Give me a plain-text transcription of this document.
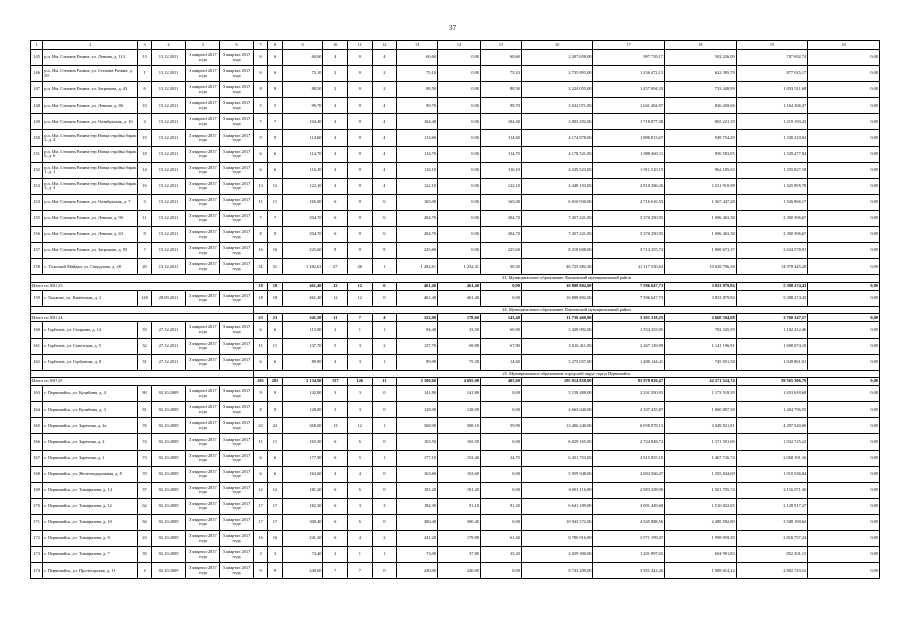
37
1	2	3	4	5	6	7	8	9	10	11	12	13	14	15	16	17	18	19	20
145	р.п. Им. Степана Разина, ул. Ленина, д. 113	13	15.12.2011	3 квартал 2017 года	3 квартал 2017 года	6	6	60,60	4	0	4	60,60	0,00	60,60	2 207 658,00	997 739,17	502 226,09	707 692,74	0,00
146	р.п. Им. Степана Разина, ул. Степана Разина, д. 50	1	15.12.2011	3 квартал 2017 года	3 квартал 2017 года	6	6	75,10	2	0	2	75,10	0,00	75,10	2 735 893,00	1 236 472,13	622 395,70	877 025,17	0,00
147	р.п. Им. Степана Разина, ул. Загрекова, д. 43	6	15.12.2011	3 квартал 2017 года	3 квартал 2017 года	8	8	88,50	2	0	2	88,50	0,00	88,50	3 224 055,00	1 457 094,33	733 448,99	1 033 511,68	0,00
148	р.п. Им. Степана Разина, ул. Ленина, д. 86	10	15.12.2011	3 квартал 2017 года	3 квартал 2017 года	5	5	99,70	4	0	4	99,70	0,00	99,70	3 632 071,00	1 641 494,97	826 269,66	1 164 306,37	0,00
149	р.п. Им. Степана Разина, ул. Октябрьская, д. 16	4	15.12.2011	3 квартал 2017 года	3 квартал 2017 года	7	7	104,40	4	0	4	104,40	0,00	104,40	3 803 292,00	1 718 877,38	865 221,19	1 219 193,43	0,00
150	р.п. Им. Степана Разина тер Новая стройка барак 2, д. 2	15	15.12.2011	3 квартал 2017 года	3 квартал 2017 года	9	9	114,60	4	0	4	114,60	0,00	114,60	4 174 878,00	1 886 813,67	949 754,29	1 338 310,04	0,00
151	р.п. Им. Степана Разина тер Новая стройка барак 6, д. 6	18	15.12.2011	3 квартал 2017 года	3 квартал 2017 года	6	6	114,70	4	0	4	114,70	0,00	114,70	4 178 521,00	1 888 460,11	950 583,05	1 339 477,84	0,00
152	р.п. Им. Степана Разина тер Новая стройка барак 1, д. 1	14	15.12.2011	3 квартал 2017 года	3 квартал 2017 года	6	6	116,10	4	0	4	116,10	0,00	116,10	4 229 523,00	1 911 510,19	962 185,63	1 355 827,18	0,00
153	р.п. Им. Степана Разина тер Новая стройка барак 3, д. 3	16	15.12.2011	3 квартал 2017 года	3 квартал 2017 года	13	13	122,10	4	0	4	122,10	0,00	122,10	4 448 103,00	2 010 296,26	1 011 910,98	1 425 895,78	0,00
154	р.п. Им. Степана Разина, ул. Октябрьская, д. 7	3	15.12.2011	3 квартал 2017 года	3 квартал 2017 года	11	11	165,00	6	0	6	165,00	0,00	165,00	6 010 930,00	2 716 616,55	1 367 447,28	1 926 866,17	0,00
155	р.п. Им. Степана Разина, ул. Ленина, д. 96	11	15.12.2011	3 квартал 2017 года	3 квартал 2017 года	7	7	204,70	6	0	6	204,70	0,00	204,70	7 457 221,00	3 370 250,95	1 696 463,38	2 390 506,67	0,00
156	р.п. Им. Степана Разина, ул. Ленина, д. 63	8	15.12.2011	3 квартал 2017 года	3 квартал 2017 года	8	8	204,70	6	0	6	204,70	0,00	204,70	7 457 221,00	3 370 250,95	1 696 463,38	2 390 506,67	0,00
157	р.п. Им. Степана Разина, ул. Загрекова, д. 95	7	15.12.2011	3 квартал 2017 года	3 квартал 2017 года	16	16	225,60	8	0	8	225,60	0,00	225,60	8 218 608,00	3 714 355,72	1 869 673,37	2 634 578,91	0,00
158	с. Тольский Майдан, ул. Свердлова, д. 28	20	15.12.2011	3 квартал 2017 года	3 квартал 2017 года	51	51	1 282,61	27	26	1	1 282,61	1 232,31	50,30	46 725 482,30	21 117 330,64	10 629 706,38	14 978 445,28	0,00
						23. Муниципальное образование Лысковский муниципальный район													
Итого по МО 23						18	18	461,40	12	12	0	461,40	461,40	0,00	16 808 802,00	7 596 647,73	3 823 879,84	5 388 274,43	0,00
159	г. Лысково, ул. Каменская, д. 2	120	28.09.2011	3 квартал 2017 года	3 квартал 2017 года	18	18	461,40	12	12	0	461,40	461,40	0,00	16 808 802,00	7 596 647,73	3 823 879,84	5 388 274,43	0,00
						24. Муниципальное образование Павловский муниципальный район													
Итого по МО 24						23	23	341,50	11	7	4	322,00	178,60	143,40	11 730 460,00	5 301 518,25	2 668 594,08	3 760 347,57	0,00
160	г. Горбатов, ул. Гагарина, д. 14	33	27.12.2011	3 квартал 2017 года	3 квартал 2017 года	6	6	113,90	2	1	1	94,40	33,50	60,90	3 438 992,00	1 554 233,95	782 345,59	1 102 412,46	0,00
161	г. Горбатов, ул. Советская, д. 5	32	27.12.2011	3 квартал 2017 года	3 квартал 2017 года	11	11	137,70	5	3	2	137,70	69,80	67,90	5 016 411,00	2 267 139,99	1 141 196,91	1 608 074,10	0,00
162	г. Горбатов, ул. Горбунова, д. 8	31	27.12.2011	3 квартал 2017 года	3 квартал 2017 года	6	6	89,90	4	3	1	89,90	75,30	14,60	3 275 057,00	1 480 144,41	745 051,58	1 049 861,01	0,00
						25. Муниципальное образование городской округ город Первомайск													
Итого по МО 25						281	281	5 134,90	137	126	11	5 100,60	4 695,00	405,60	185 814 858,00	83 978 026,47	42 271 524,74	59 565 306,79	0,00
163	г. Первомайск, ул. Кулибина, д. 4	80	02.10.2009	3 квартал 2017 года	3 квартал 2017 года	9	9	142,80	3	3	0	141,80	141,80	0,00	5 158 488,00	2 331 350,93	1 173 518,39	1 653 618,68	0,00
164	г. Первомайск, ул. Кулибина, д. 3	81	02.10.2009	3 квартал 2017 года	3 квартал 2017 года	8	8	128,00	3	3	0	128,00	128,00	0,00	4 663 040,00	2 107 435,87	1 060 807,58	1 494 796,55	0,00
165	г. Первомайск, ул. Заречная, д. 2а	76	02.10.2009	3 квартал 2017 года	3 квартал 2017 года	22	22	368,00	13	12	1	368,00	308,10	59,90	13 406 240,00	6 058 878,13	3 049 821,81	4 297 540,06	0,00
166	г. Первомайск, ул. Заречная, д. 2	74	02.10.2009	3 квартал 2017 года	3 квартал 2017 года	11	11	165,50	6	6	0	165,50	165,50	0,00	6 029 165,00	2 724 848,72	1 371 591,06	1 932 725,22	0,00
167	г. Первомайск, ул. Заречная, д. 1	73	02.10.2009	3 квартал 2017 года	3 квартал 2017 года	6	6	177,90	6	5	1	177,10	152,40	24,70	6 451 753,00	2 915 835,10	1 467 726,74	2 068 191,16	0,00
168	г. Первомайск, ул. Железнодорожная, д. 8	70	02.10.2009	3 квартал 2017 года	3 квартал 2017 года	6	6	163,60	4	4	0	163,60	163,60	0,00	5 959 948,00	2 693 566,47	1 355 844,69	1 910 536,84	0,00
169	г. Первомайск, ул. Тимирязева, д. 14	37	02.10.2009	3 квартал 2017 года	3 квартал 2017 года	12	12	181,20	6	6	0	181,20	181,20	0,00	6 601 116,00	2 983 338,90	1 501 705,74	2 116 071,36	0,00
170	г. Первомайск, ул. Тимирязева, д. 12	62	02.10.2009	3 квартал 2017 года	3 квартал 2017 года	17	17	182,30	6	3	3	182,30	91,10	91,20	6 641 189,00	3 001 449,68	1 510 822,05	2 128 917,27	0,00
171	г. Первомайск, ул. Тимирязева, д. 10	84	02.10.2009	3 квартал 2017 года	3 квартал 2017 года	17	17	300,40	6	6	0	300,40	300,40	0,00	10 943 572,00	4 945 888,56	2 489 582,80	3 508 100,64	0,00
172	г. Первомайск, ул. Тимирязева, д. 8	23	02.10.2009	3 квартал 2017 года	3 квартал 2017 года	16	16	241,20	6	4	2	241,20	179,80	61,40	8 786 916,00	3 971 199,47	1 998 959,29	2 816 757,24	0,00
173	г. Первомайск, ул. Тимирязева, д. 7	35	02.10.2009	3 квартал 2017 года	3 квартал 2017 года	3	3	74,40	2	1	1	73,00	37,80	35,20	2 659 390,00	1 201 897,02	604 991,83	852 501,15	0,00
174	г. Первомайск, ул. Пролетарская, д. 11	4	02.10.2009	3 квартал 2017 года	3 квартал 2017 года	9	9	240,00	7	7	0	240,00	240,00	0,00	8 743 200,00	3 951 442,26	1 989 014,22	2 802 743,52	0,00
